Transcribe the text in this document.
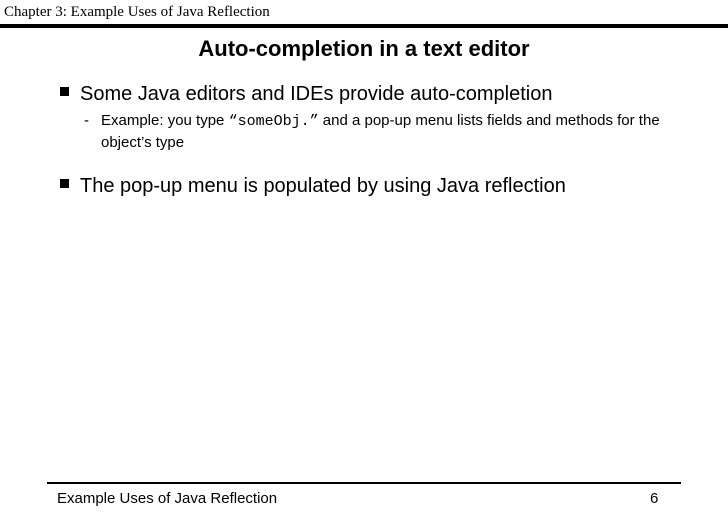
Chapter 3: Example Uses of Java Reflection
Auto-completion in a text editor
Some Java editors and IDEs provide auto-completion
- Example: you type “someObj.” and a pop-up menu lists fields and methods for the object’s type
The pop-up menu is populated by using Java reflection
Example Uses of Java Reflection	6
